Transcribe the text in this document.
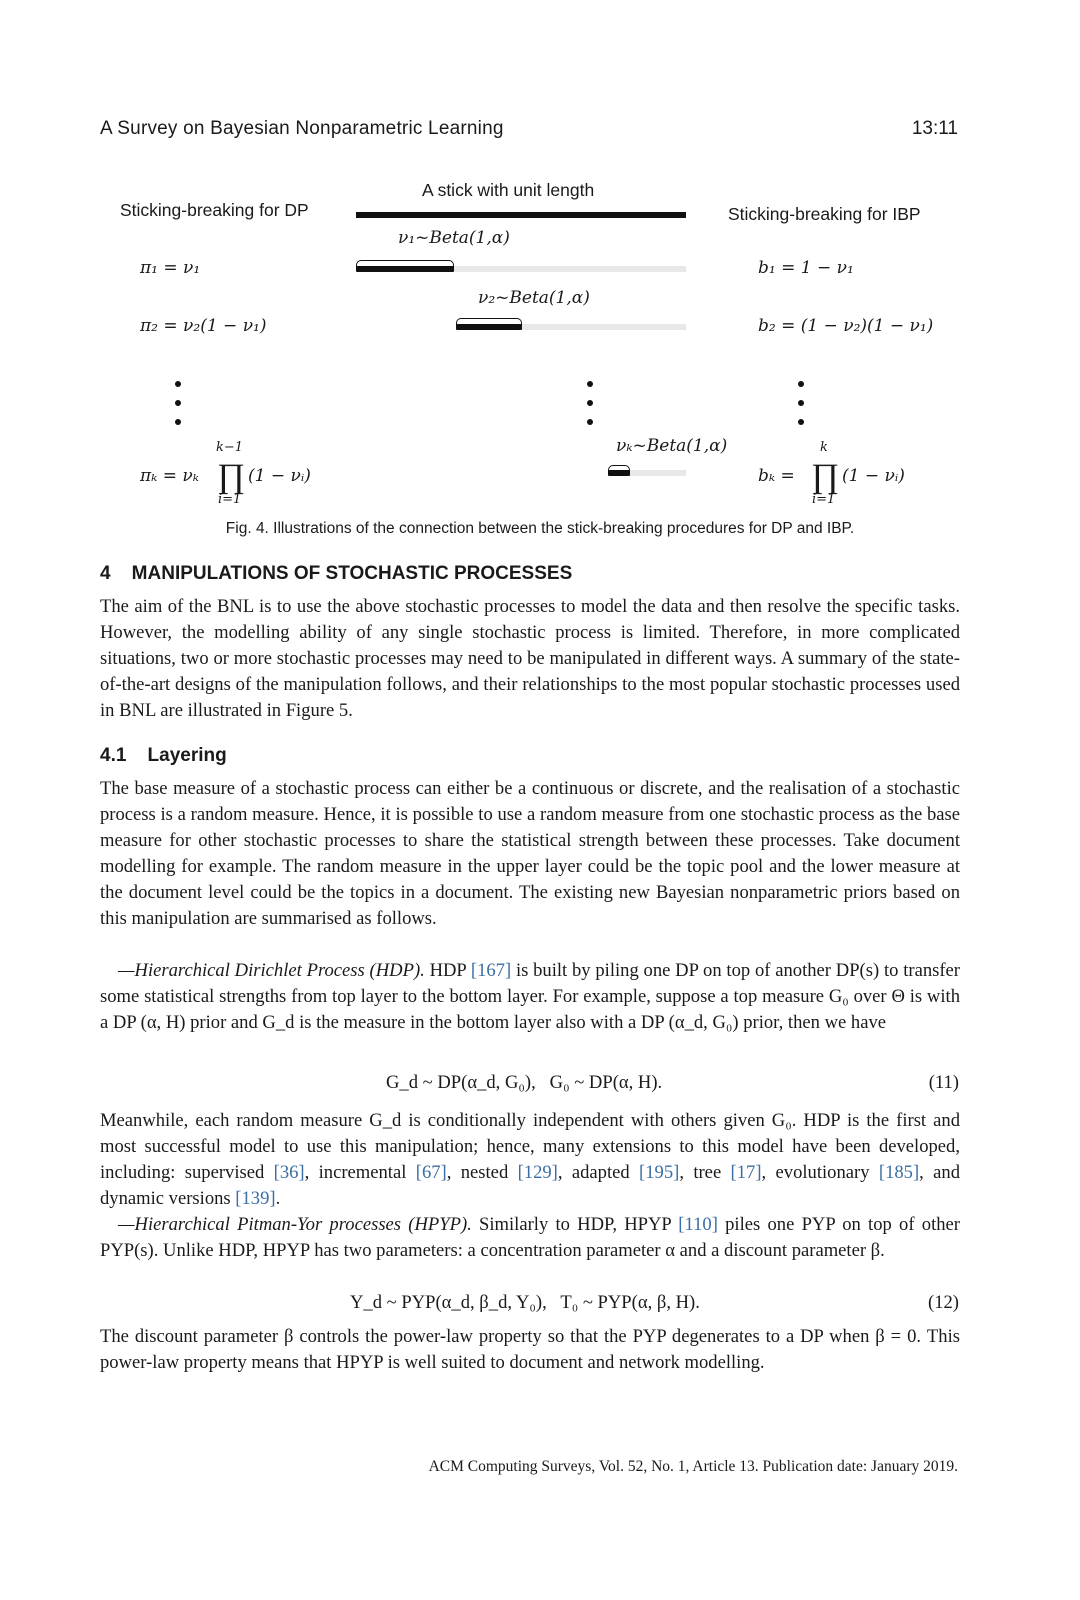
A Survey on Bayesian Nonparametric Learning	13:11
A stick with unit length
Sticking-breaking for DP	Sticking-breaking for IBP
ν₁~Beta(1,α)
π₁ = ν₁	b₁ = 1 − ν₁
ν₂~Beta(1,α)
π₂ = ν₂(1 − ν₁)	b₂ = (1 − ν₂)(1 − ν₁)
νₖ~Beta(1,α)
πₖ = νₖ
k−1
∏
i=1
(1 − νᵢ)	bₖ =
k
∏
i=1
(1 − νᵢ)
Fig. 4. Illustrations of the connection between the stick-breaking procedures for DP and IBP.
4    MANIPULATIONS OF STOCHASTIC PROCESSES
The aim of the BNL is to use the above stochastic processes to model the data and then resolve the specific tasks. However, the modelling ability of any single stochastic process is limited. Therefore, in more complicated situations, two or more stochastic processes may need to be manipulated in different ways. A summary of the state-of-the-art designs of the manipulation follows, and their relationships to the most popular stochastic processes used in BNL are illustrated in Figure 5.
4.1    Layering
The base measure of a stochastic process can either be a continuous or discrete, and the realisation of a stochastic process is a random measure. Hence, it is possible to use a random measure from one stochastic process as the base measure for other stochastic processes to share the statistical strength between these processes. Take document modelling for example. The random measure in the upper layer could be the topic pool and the lower measure at the document level could be the topics in a document. The existing new Bayesian nonparametric priors based on this manipulation are summarised as follows.
—Hierarchical Dirichlet Process (HDP). HDP [167] is built by piling one DP on top of another DP(s) to transfer some statistical strengths from top layer to the bottom layer. For example, suppose a top measure G₀ over Θ is with a DP (α, H) prior and G_d is the measure in the bottom layer also with a DP (α_d, G₀) prior, then we have
G_d ~ DP(α_d, G₀),   G₀ ~ DP(α, H).	(11)
Meanwhile, each random measure G_d is conditionally independent with others given G₀. HDP is the first and most successful model to use this manipulation; hence, many extensions to this model have been developed, including: supervised [36], incremental [67], nested [129], adapted [195], tree [17], evolutionary [185], and dynamic versions [139].
—Hierarchical Pitman-Yor processes (HPYP). Similarly to HDP, HPYP [110] piles one PYP on top of other PYP(s). Unlike HDP, HPYP has two parameters: a concentration parameter α and a discount parameter β.
Y_d ~ PYP(α_d, β_d, Y₀),   T₀ ~ PYP(α, β, H).	(12)
The discount parameter β controls the power-law property so that the PYP degenerates to a DP when β = 0. This power-law property means that HPYP is well suited to document and network modelling.
ACM Computing Surveys, Vol. 52, No. 1, Article 13. Publication date: January 2019.
